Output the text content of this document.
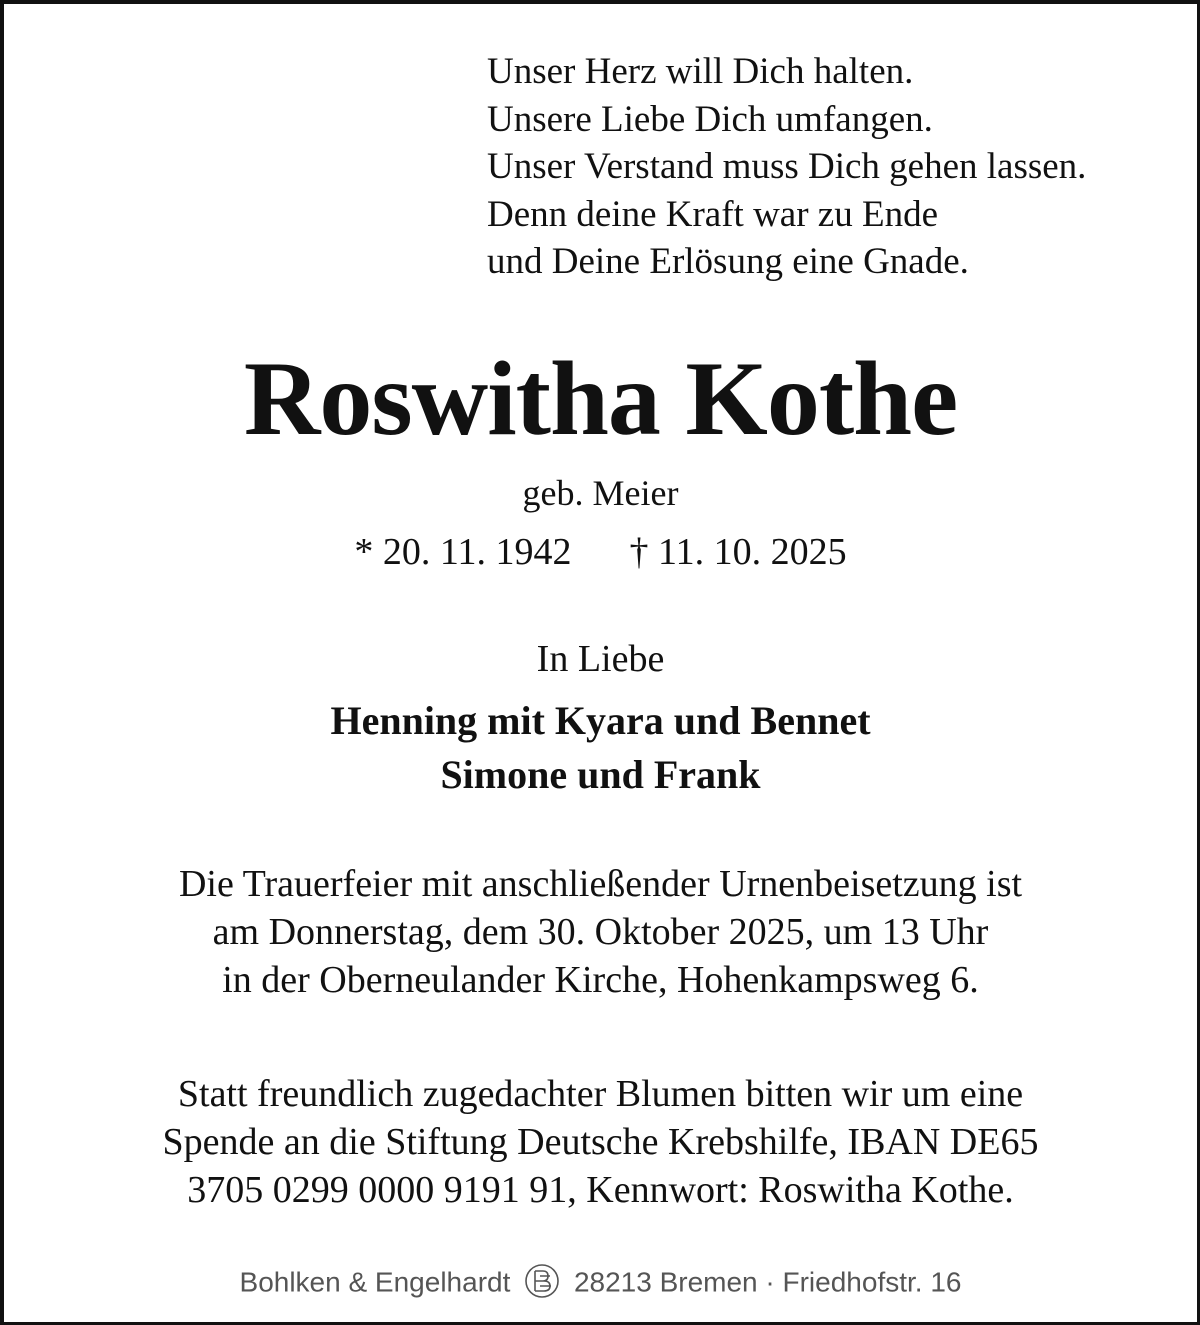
Unser Herz will Dich halten.
Unsere Liebe Dich umfangen.
Unser Verstand muss Dich gehen lassen.
Denn deine Kraft war zu Ende
und Deine Erlösung eine Gnade.
Roswitha Kothe
geb. Meier
* 20. 11. 1942 † 11. 10. 2025
In Liebe
Henning mit Kyara und Bennet
Simone und Frank
Die Trauerfeier mit anschließender Urnenbeisetzung ist
am Donnerstag, dem 30. Oktober 2025, um 13 Uhr
in der Oberneulander Kirche, Hohenkampsweg 6.
Statt freundlich zugedachter Blumen bitten wir um eine
Spende an die Stiftung Deutsche Krebshilfe, IBAN DE65
3705 0299 0000 9191 91, Kennwort: Roswitha Kothe.
Bohlken & Engelhardt 28213 Bremen · Friedhofstr. 16
